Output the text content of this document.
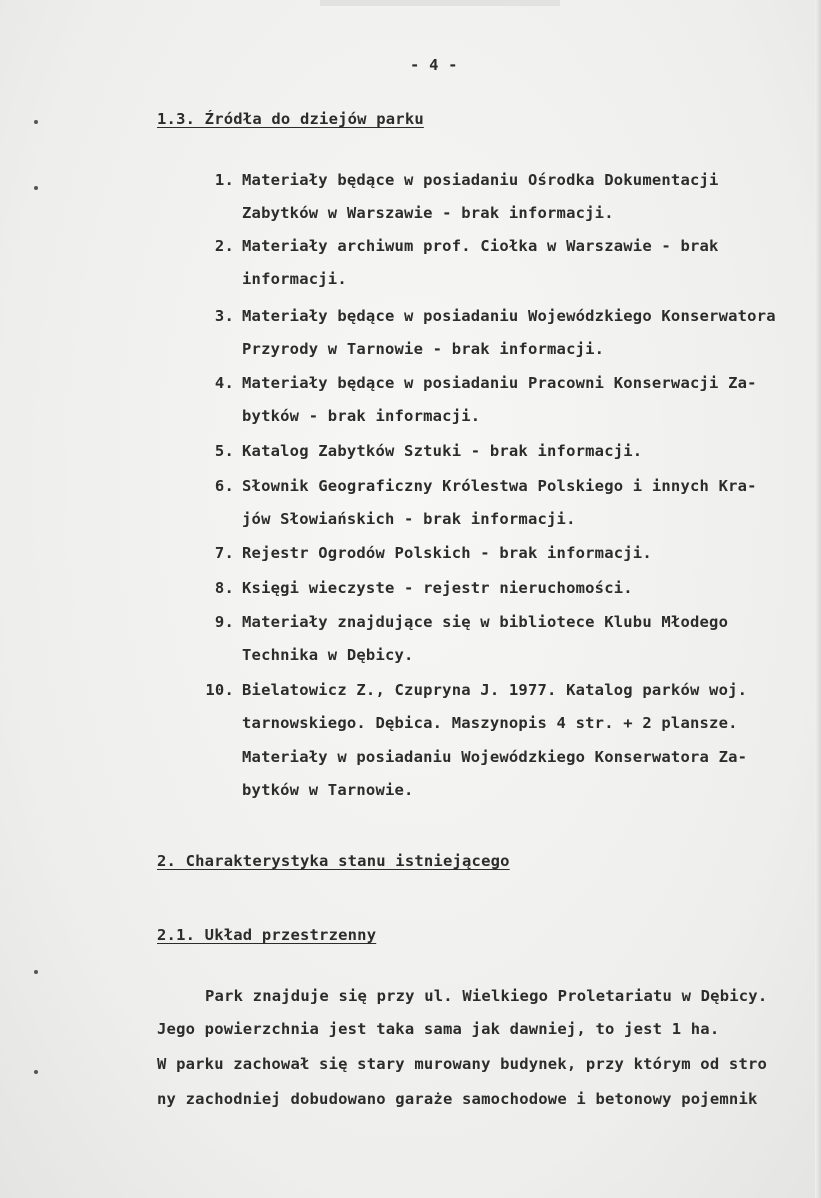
- 4 -
1.3. Źródła do dziejów parku
1. Materiały będące w posiadaniu Ośrodka Dokumentacji
Zabytków w Warszawie - brak informacji.
2. Materiały archiwum prof. Ciołka w Warszawie - brak
informacji.
3. Materiały będące w posiadaniu Wojewódzkiego Konserwatora
Przyrody w Tarnowie - brak informacji.
4. Materiały będące w posiadaniu Pracowni Konserwacji Za-
bytków - brak informacji.
5. Katalog Zabytków Sztuki - brak informacji.
6. Słownik Geograficzny Królestwa Polskiego i innych Kra-
jów Słowiańskich - brak informacji.
7. Rejestr Ogrodów Polskich - brak informacji.
8. Księgi wieczyste - rejestr nieruchomości.
9. Materiały znajdujące się w bibliotece Klubu Młodego
Technika w Dębicy.
10. Bielatowicz Z., Czupryna J. 1977. Katalog parków woj.
tarnowskiego. Dębica. Maszynopis 4 str. + 2 plansze.
Materiały w posiadaniu Wojewódzkiego Konserwatora Za-
bytków w Tarnowie.
2. Charakterystyka stanu istniejącego
2.1. Układ przestrzenny
Park znajduje się przy ul. Wielkiego Proletariatu w Dębicy.
Jego powierzchnia jest taka sama jak dawniej, to jest 1 ha.
W parku zachował się stary murowany budynek, przy którym od stro
ny zachodniej dobudowano garaże samochodowe i betonowy pojemnik
